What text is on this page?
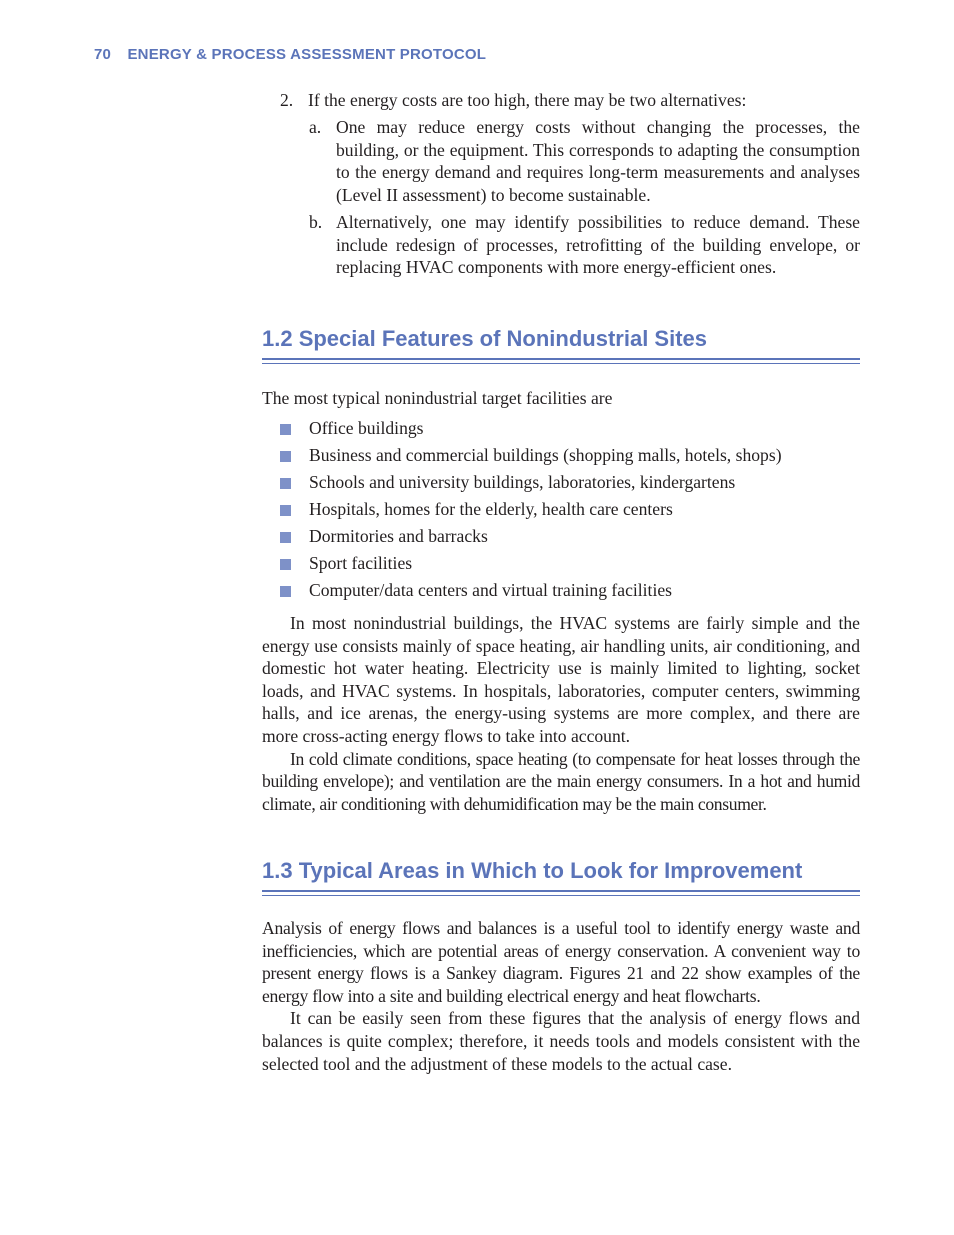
70 ENERGY & PROCESS ASSESSMENT PROTOCOL
2. If the energy costs are too high, there may be two alternatives:
a. One may reduce energy costs without changing the processes, the building, or the equipment. This corresponds to adapting the consumption to the energy demand and requires long-term measurements and analyses (Level II assessment) to become sustainable.
b. Alternatively, one may identify possibilities to reduce demand. These include redesign of processes, retrofitting of the building envelope, or replacing HVAC components with more energy-efficient ones.
1.2 Special Features of Nonindustrial Sites

The most typical nonindustrial target facilities are

Office buildings
Business and commercial buildings (shopping malls, hotels, shops)
Schools and university buildings, laboratories, kindergartens
Hospitals, homes for the elderly, health care centers
Dormitories and barracks
Sport facilities
Computer/data centers and virtual training facilities

In most nonindustrial buildings, the HVAC systems are fairly simple and the energy use consists mainly of space heating, air handling units, air conditioning, and domestic hot water heating. Electricity use is mainly limited to lighting, socket loads, and HVAC systems. In hospitals, laboratories, computer centers, swimming halls, and ice arenas, the energy-using systems are more complex, and there are more cross-acting energy flows to take into account.

In cold climate conditions, space heating (to compensate for heat losses through the building envelope); and ventilation are the main energy consumers. In a hot and humid climate, air conditioning with dehumidification may be the main consumer.

1.3 Typical Areas in Which to Look for Improvement

Analysis of energy flows and balances is a useful tool to identify energy waste and inefficiencies, which are potential areas of energy conservation. A convenient way to present energy flows is a Sankey diagram. Figures 21 and 22 show examples of the energy flow into a site and building electrical energy and heat flowcharts.

It can be easily seen from these figures that the analysis of energy flows and balances is quite complex; therefore, it needs tools and models consistent with the selected tool and the adjustment of these models to the actual case.
